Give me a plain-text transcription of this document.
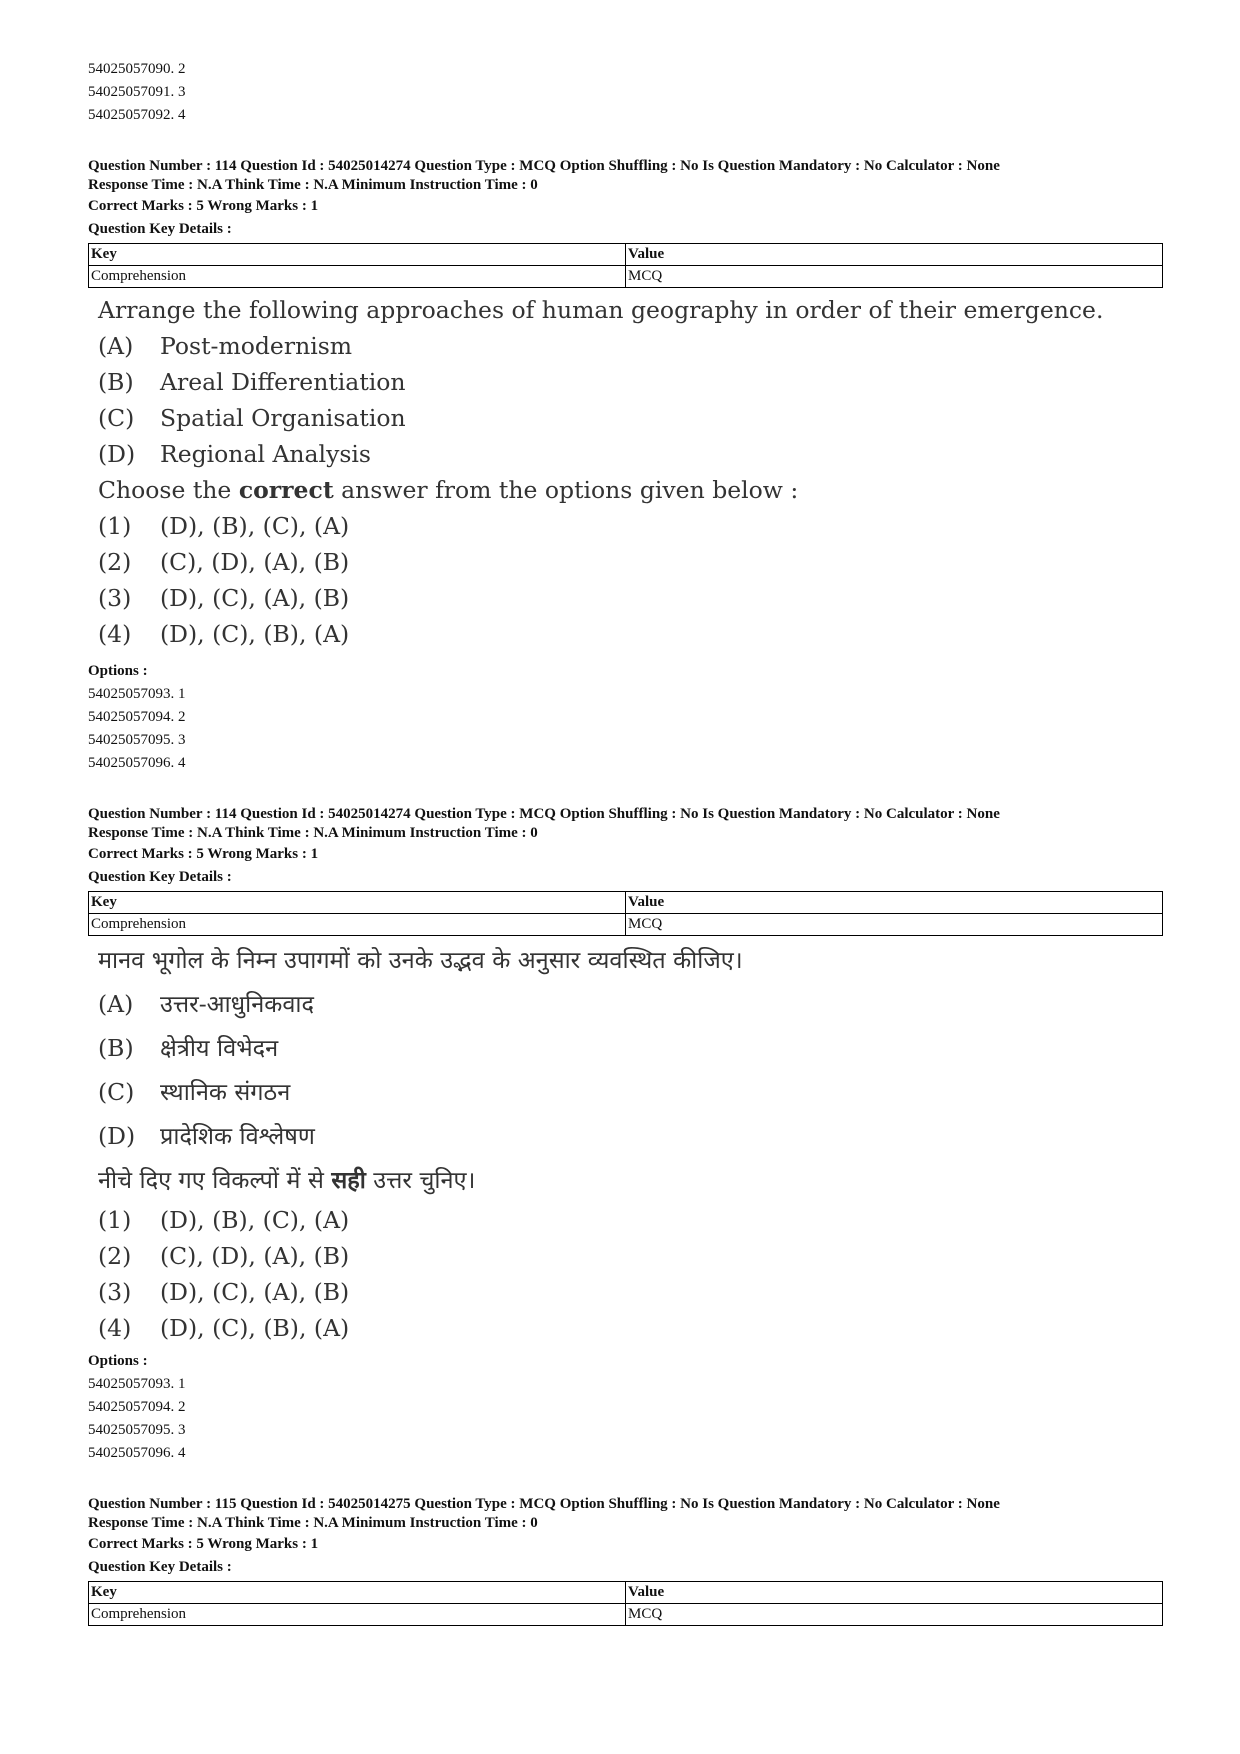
54025057090. 2
54025057091. 3
54025057092. 4
Question Number : 114 Question Id : 54025014274 Question Type : MCQ Option Shuffling : No Is Question Mandatory : No Calculator : None
Response Time : N.A Think Time : N.A Minimum Instruction Time : 0
Correct Marks : 5 Wrong Marks : 1
Question Key Details :
Key	Value
Comprehension	MCQ
Arrange the following approaches of human geography in order of their emergence.
(A) Post-modernism
(B) Areal Differentiation
(C) Spatial Organisation
(D) Regional Analysis
Choose the correct answer from the options given below :
(1) (D), (B), (C), (A)
(2) (C), (D), (A), (B)
(3) (D), (C), (A), (B)
(4) (D), (C), (B), (A)
Options :
54025057093. 1
54025057094. 2
54025057095. 3
54025057096. 4
Question Number : 114 Question Id : 54025014274 Question Type : MCQ Option Shuffling : No Is Question Mandatory : No Calculator : None
Response Time : N.A Think Time : N.A Minimum Instruction Time : 0
Correct Marks : 5 Wrong Marks : 1
Question Key Details :
Key	Value
Comprehension	MCQ
मानव भूगोल के निम्न उपागमों को उनके उद्भव के अनुसार व्यवस्थित कीजिए।
(A) उत्तर-आधुनिकवाद
(B) क्षेत्रीय विभेदन
(C) स्थानिक संगठन
(D) प्रादेशिक विश्लेषण
नीचे दिए गए विकल्पों में से सही उत्तर चुनिए।
(1) (D), (B), (C), (A)
(2) (C), (D), (A), (B)
(3) (D), (C), (A), (B)
(4) (D), (C), (B), (A)
Options :
54025057093. 1
54025057094. 2
54025057095. 3
54025057096. 4
Question Number : 115 Question Id : 54025014275 Question Type : MCQ Option Shuffling : No Is Question Mandatory : No Calculator : None
Response Time : N.A Think Time : N.A Minimum Instruction Time : 0
Correct Marks : 5 Wrong Marks : 1
Question Key Details :
Key	Value
Comprehension	MCQ
